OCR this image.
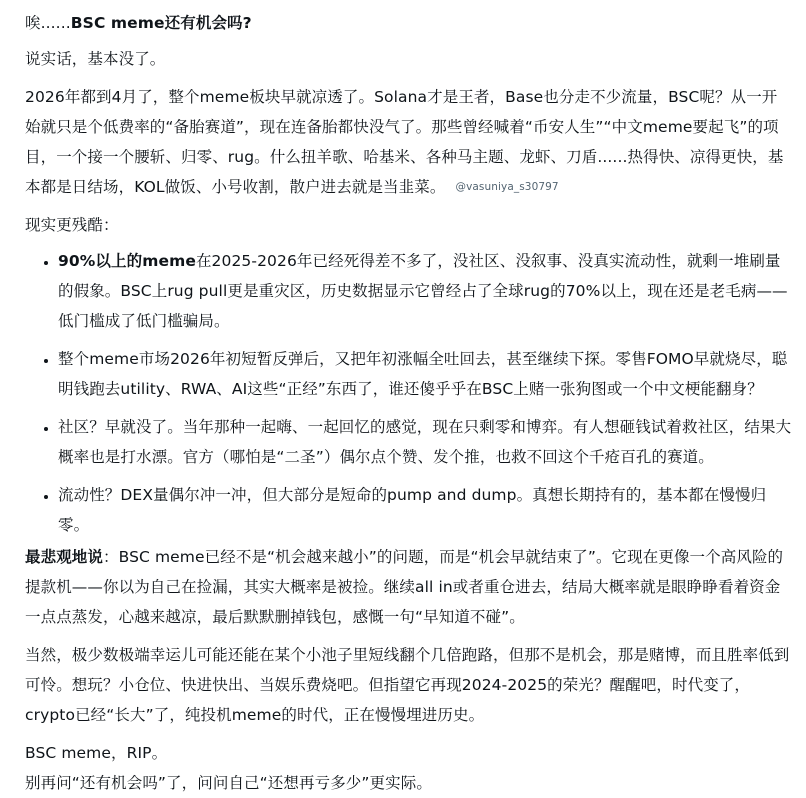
唉......BSC meme还有机会吗?

说实话，基本没了。

2026年都到4月了，整个meme板块早就凉透了。Solana才是王者，Base也分走不少流量，BSC呢？从一开始就只是个低费率的“备胎赛道”，现在连备胎都快没气了。那些曾经喊着“币安人生”“中文meme要起飞”的项目，一个接一个腰斩、归零、rug。什么扭羊歌、哈基米、各种马主题、龙虾、刀盾......热得快、凉得更快，基本都是日结场，KOL做饭、小号收割，散户进去就是当韭菜。 @vasuniya_s30797

现实更残酷：

• 90%以上的meme在2025-2026年已经死得差不多了，没社区、没叙事、没真实流动性，就剩一堆刷量的假象。BSC上rug pull更是重灾区，历史数据显示它曾经占了全球rug的70%以上，现在还是老毛病——低门槛成了低门槛骗局。
• 整个meme市场2026年初短暂反弹后，又把年初涨幅全吐回去，甚至继续下探。零售FOMO早就烧尽，聪明钱跑去utility、RWA、AI这些“正经”东西了，谁还傻乎乎在BSC上赌一张狗图或一个中文梗能翻身？
• 社区？早就没了。当年那种一起嗨、一起回忆的感觉，现在只剩零和博弈。有人想砸钱试着救社区，结果大概率也是打水漂。官方（哪怕是“二圣”）偶尔点个赞、发个推，也救不回这个千疮百孔的赛道。
• 流动性？DEX量偶尔冲一冲，但大部分是短命的pump and dump。真想长期持有的，基本都在慢慢归零。

最悲观地说：BSC meme已经不是“机会越来越小”的问题，而是“机会早就结束了”。它现在更像一个高风险的提款机——你以为自己在捡漏，其实大概率是被捡。继续all in或者重仓进去，结局大概率就是眼睁睁看着资金一点点蒸发，心越来越凉，最后默默删掉钱包，感慨一句“早知道不碰”。

当然，极少数极端幸运儿可能还能在某个小池子里短线翻个几倍跑路，但那不是机会，那是赌博，而且胜率低到可怜。想玩？小仓位、快进快出、当娱乐费烧吧。但指望它再现2024-2025的荣光？醒醒吧，时代变了，crypto已经“长大”了，纯投机meme的时代，正在慢慢埋进历史。

BSC meme，RIP。

别再问“还有机会吗”了，问问自己“还想再亏多少”更实际。
